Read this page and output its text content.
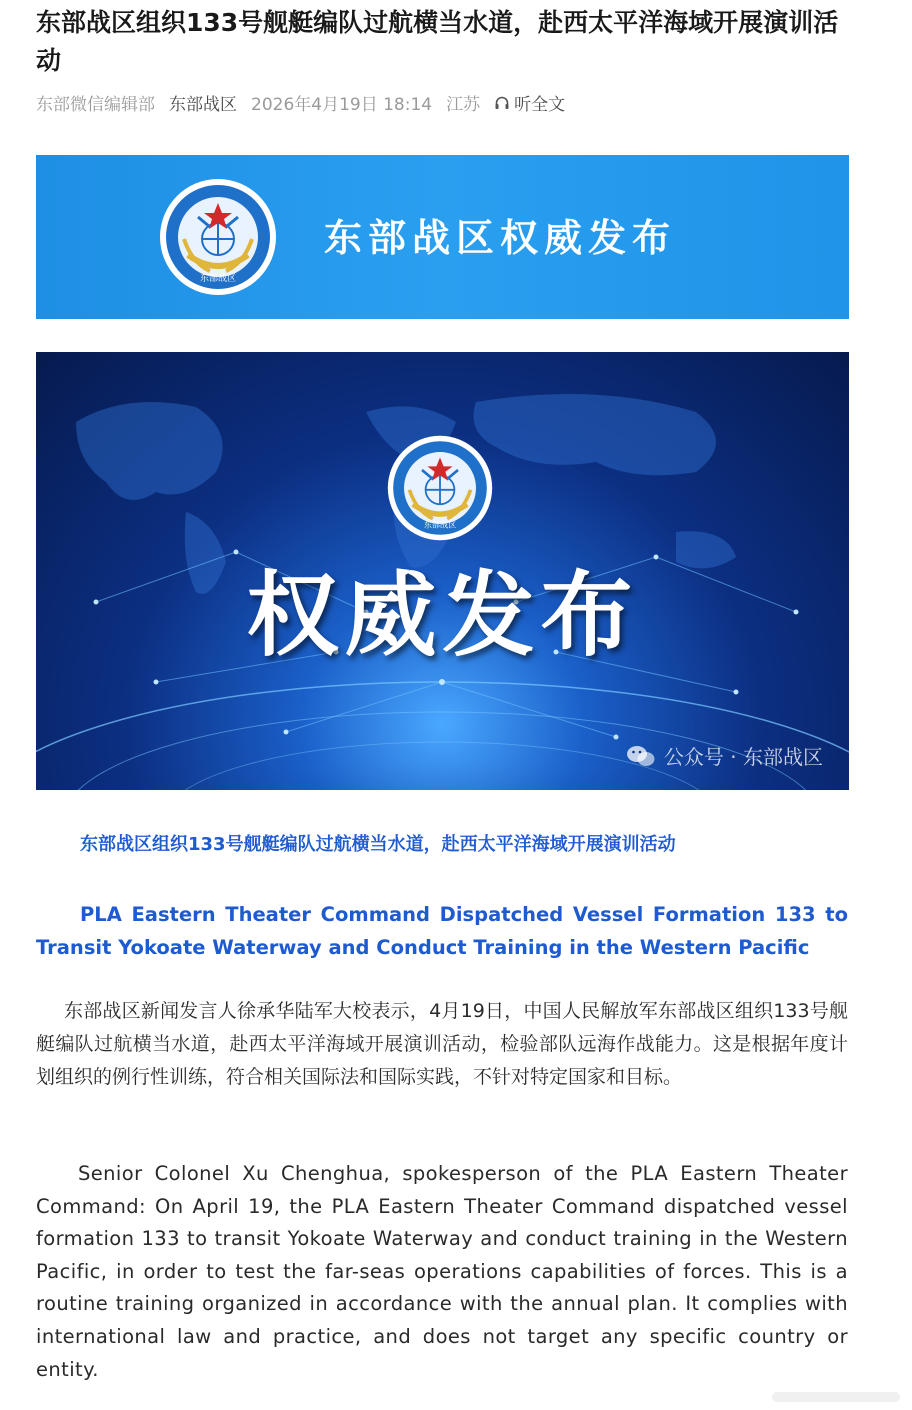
东部战区组织133号舰艇编队过航横当水道，赴西太平洋海域开展演训活动
东部微信编辑部 东部战区 2026年4月19日 18:14 江苏 听全文
东部战区
东部战区权威发布
东部战区
权威发布
公众号 · 东部战区
东部战区组织133号舰艇编队过航横当水道，赴西太平洋海域开展演训活动

PLA Eastern Theater Command Dispatched Vessel Formation 133 to Transit Yokoate Waterway and Conduct Training in the Western Pacific

东部战区新闻发言人徐承华陆军大校表示，4月19日，中国人民解放军东部战区组织133号舰艇编队过航横当水道，赴西太平洋海域开展演训活动，检验部队远海作战能力。这是根据年度计划组织的例行性训练，符合相关国际法和国际实践，不针对特定国家和目标。

Senior Colonel Xu Chenghua, spokesperson of the PLA Eastern Theater Command: On April 19, the PLA Eastern Theater Command dispatched vessel formation 133 to transit Yokoate Waterway and conduct training in the Western Pacific, in order to test the far-seas operations capabilities of forces. This is a routine training organized in accordance with the annual plan. It complies with international law and practice, and does not target any specific country or entity.
